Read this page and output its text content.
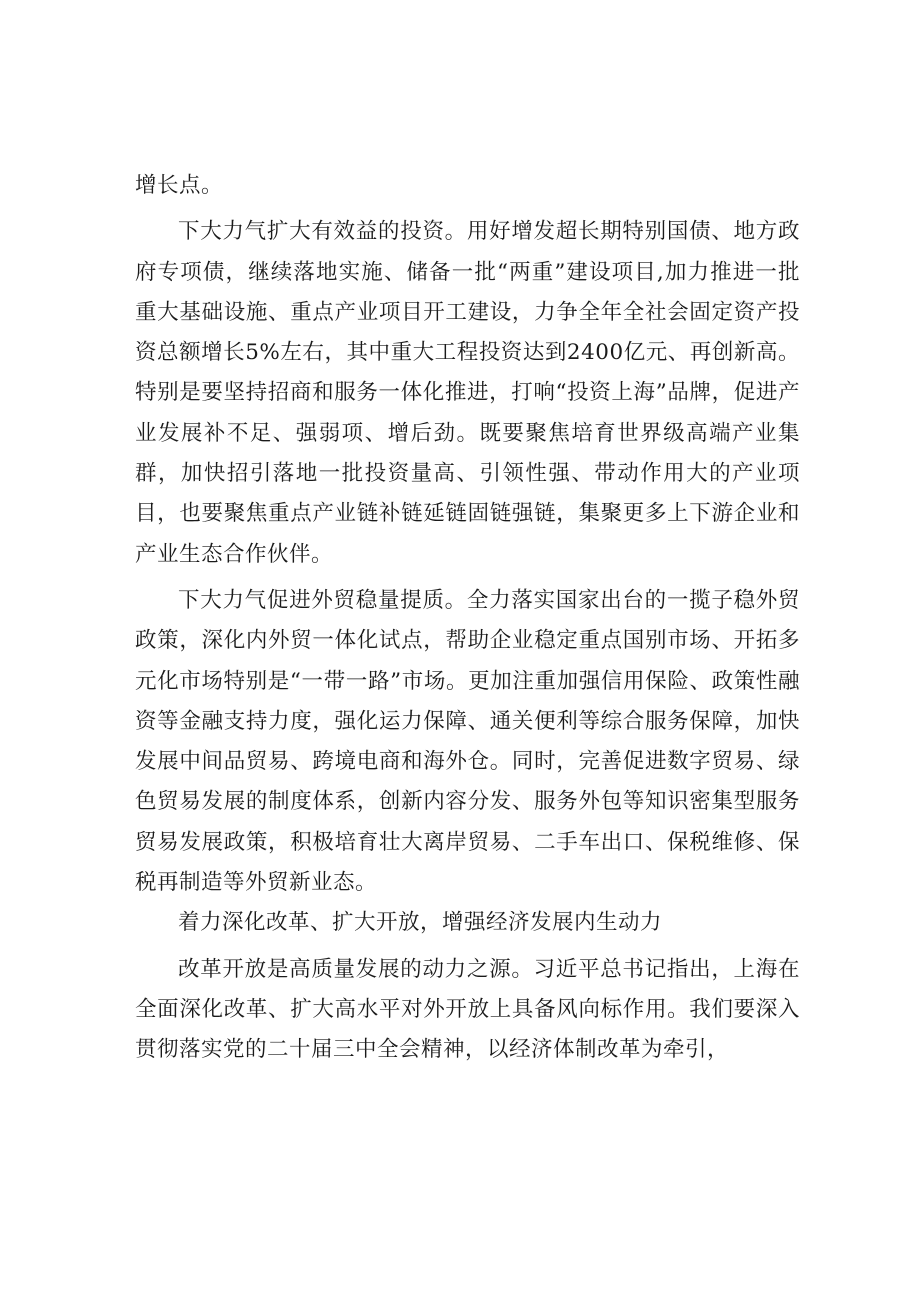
增长点。

下大力气扩大有效益的投资。用好增发超长期特别国债、地方政府专项债，继续落地实施、储备一批“两重”建设项目,加力推进一批重大基础设施、重点产业项目开工建设，力争全年全社会固定资产投资总额增长5%左右，其中重大工程投资达到2400亿元、再创新高。特别是要坚持招商和服务一体化推进，打响“投资上海”品牌，促进产业发展补不足、强弱项、增后劲。既要聚焦培育世界级高端产业集群，加快招引落地一批投资量高、引领性强、带动作用大的产业项目，也要聚焦重点产业链补链延链固链强链，集聚更多上下游企业和产业生态合作伙伴。

下大力气促进外贸稳量提质。全力落实国家出台的一揽子稳外贸政策，深化内外贸一体化试点，帮助企业稳定重点国别市场、开拓多元化市场特别是“一带一路”市场。更加注重加强信用保险、政策性融资等金融支持力度，强化运力保障、通关便利等综合服务保障，加快发展中间品贸易、跨境电商和海外仓。同时，完善促进数字贸易、绿色贸易发展的制度体系，创新内容分发、服务外包等知识密集型服务贸易发展政策，积极培育壮大离岸贸易、二手车出口、保税维修、保税再制造等外贸新业态。

着力深化改革、扩大开放，增强经济发展内生动力

改革开放是高质量发展的动力之源。习近平总书记指出，上海在全面深化改革、扩大高水平对外开放上具备风向标作用。我们要深入贯彻落实党的二十届三中全会精神，以经济体制改革为牵引，
